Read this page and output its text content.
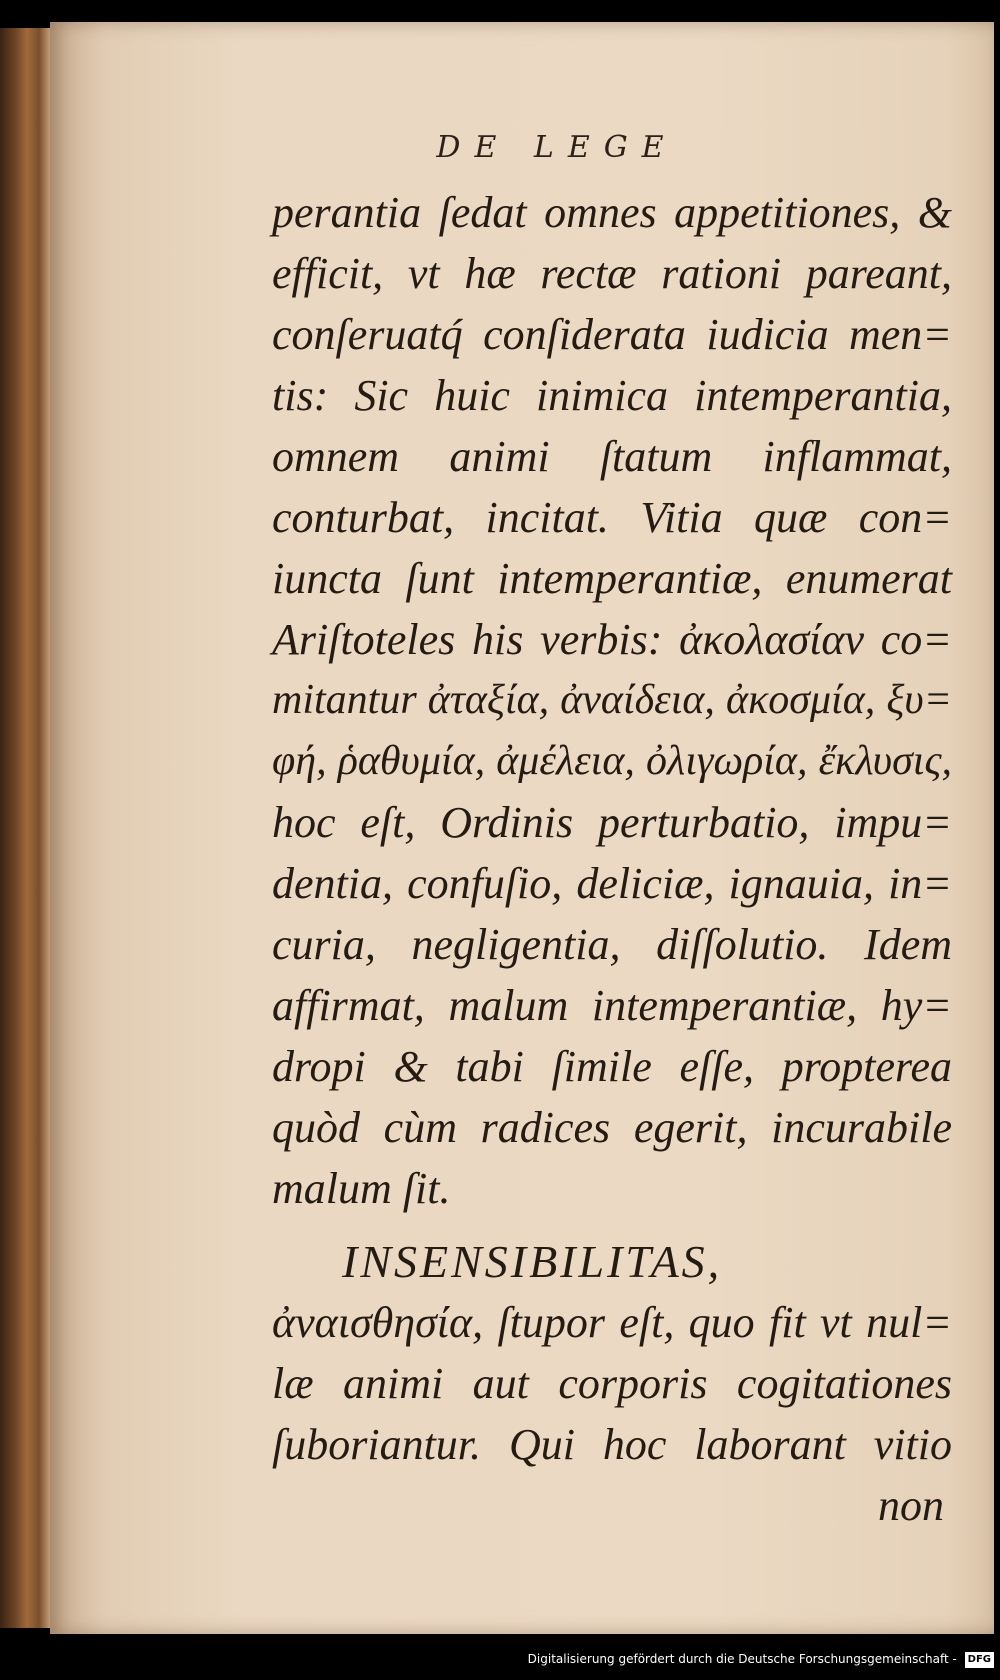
DE LEGE
perantia ſedat omnes appetitiones, &
efficit, vt hæ rectæ rationi pareant,
conſeruatq́ conſiderata iudicia men=
tis: Sic huic inimica intemperantia,
omnem animi ſtatum inflammat,
conturbat, incitat. Vitia quæ con=
iuncta ſunt intemperantiæ, enumerat
Ariſtoteles his verbis: ἀκολασίαν co=
mitantur ἀταξία, ἀναίδεια, ἀκοσμία, ξυ=
φή, ῥαθυμία, ἀμέλεια, ὀλιγωρία, ἔκλυσις,
hoc eſt, Ordinis perturbatio, impu=
dentia, confuſio, deliciæ, ignauia, in=
curia, negligentia, diſſolutio. Idem
affirmat, malum intemperantiæ, hy=
dropi & tabi ſimile eſſe, propterea
quòd cùm radices egerit, incurabile
malum ſit.
INSENSIBILITAS,
ἀναισθησία, ſtupor eſt, quo fit vt nul=
læ animi aut corporis cogitationes
ſuboriantur. Qui hoc laborant vitio
non
Digitalisierung gefördert durch die Deutsche Forschungsgemeinschaft - DFG
